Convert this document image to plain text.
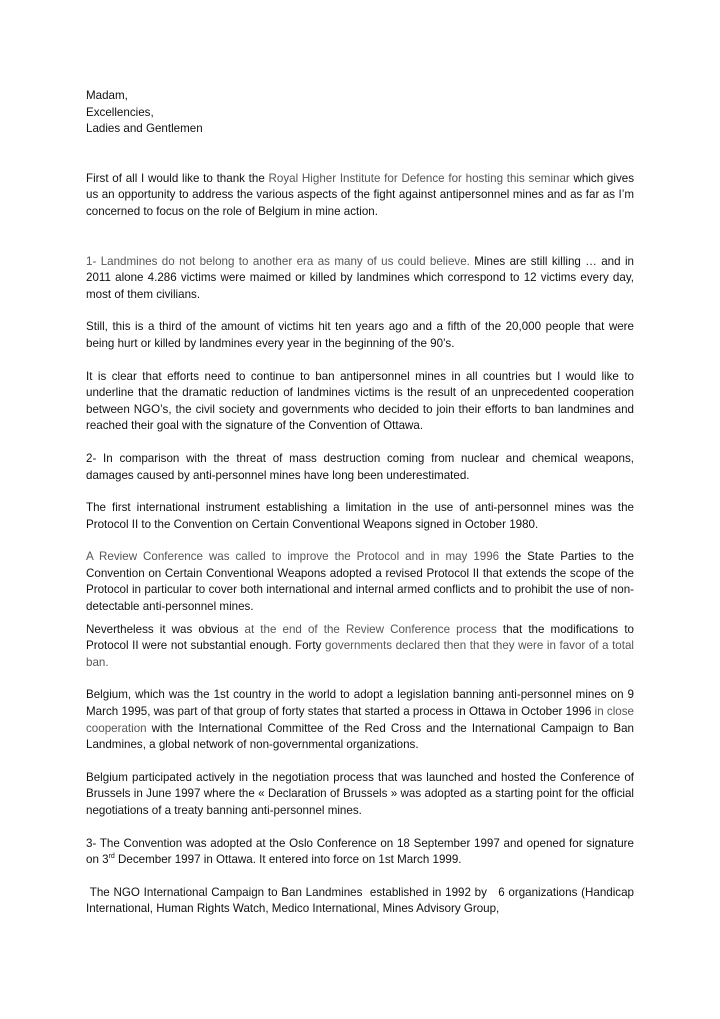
Madam,

Excellencies,

Ladies and Gentlemen

First of all I would like to thank the Royal Higher Institute for Defence for hosting this seminar which gives us an opportunity to address the various aspects of the fight against antipersonnel mines and as far as I’m concerned to focus on the role of Belgium in mine action.

1- Landmines do not belong to another era as many of us could believe. Mines are still killing … and in 2011 alone 4.286 victims were maimed or killed by landmines which correspond to 12 victims every day, most of them civilians.

Still, this is a third of the amount of victims hit ten years ago and a fifth of the 20,000 people that were being hurt or killed by landmines every year in the beginning of the 90’s.

It is clear that efforts need to continue to ban antipersonnel mines in all countries but I would like to underline that the dramatic reduction of landmines victims is the result of an unprecedented cooperation between NGO’s, the civil society and governments who decided to join their efforts to ban landmines and reached their goal with the signature of the Convention of Ottawa.

2- In comparison with the threat of mass destruction coming from nuclear and chemical weapons, damages caused by anti-personnel mines have long been underestimated.

The first international instrument establishing a limitation in the use of anti-personnel mines was the Protocol II to the Convention on Certain Conventional Weapons signed in October 1980.

A Review Conference was called to improve the Protocol and in may 1996 the State Parties to the Convention on Certain Conventional Weapons adopted a revised Protocol II that extends the scope of the Protocol in particular to cover both international and internal armed conflicts and to prohibit the use of non-detectable anti-personnel mines.

Nevertheless it was obvious at the end of the Review Conference process that the modifications to Protocol II were not substantial enough. Forty governments declared then that they were in favor of a total ban.

Belgium, which was the 1st country in the world to adopt a legislation banning anti-personnel mines on 9 March 1995, was part of that group of forty states that started a process in Ottawa in October 1996 in close cooperation with the International Committee of the Red Cross and the International Campaign to Ban Landmines, a global network of non-governmental organizations.

Belgium participated actively in the negotiation process that was launched and hosted the Conference of Brussels in June 1997 where the « Declaration of Brussels » was adopted as a starting point for the official negotiations of a treaty banning anti-personnel mines.

3- The Convention was adopted at the Oslo Conference on 18 September 1997 and opened for signature on 3rd December 1997 in Ottawa. It entered into force on 1st March 1999.

The NGO International Campaign to Ban Landmines  established in 1992 by   6 organizations (Handicap International, Human Rights Watch, Medico International, Mines Advisory Group,
